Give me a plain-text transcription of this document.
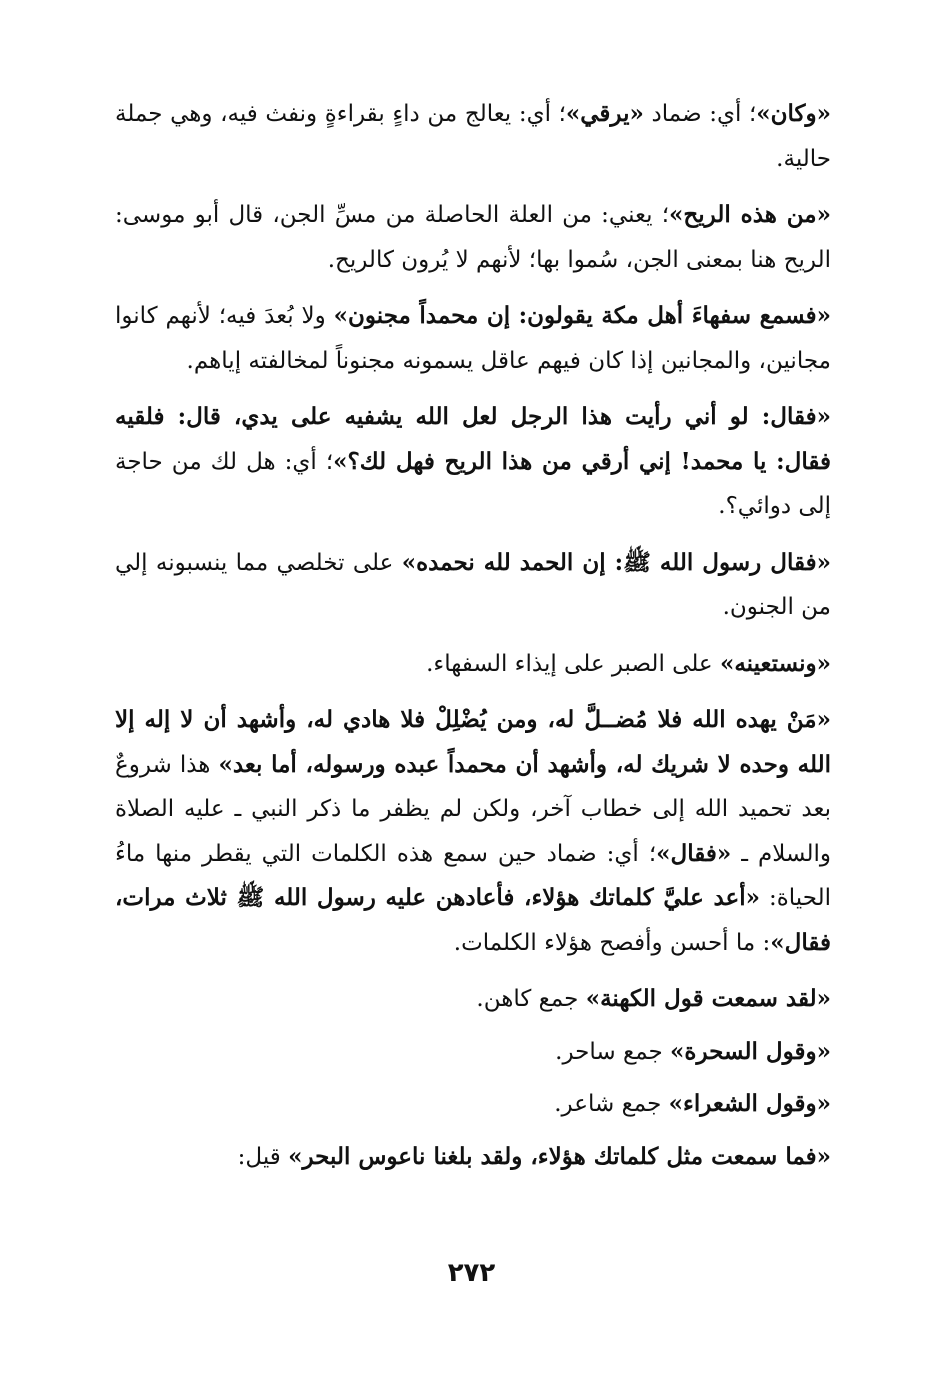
«وكان»؛ أي: ضماد «يرقي»؛ أي: يعالج من داءٍ بقراءةٍ ونفث فيه، وهي جملة حالية.

«من هذه الريح»؛ يعني: من العلة الحاصلة من مسِّ الجن، قال أبو موسى: الريح هنا بمعنى الجن، سُموا بها؛ لأنهم لا يُرون كالريح.

«فسمع سفهاءَ أهل مكة يقولون: إن محمداً مجنون» ولا بُعدَ فيه؛ لأنهم كانوا مجانين، والمجانين إذا كان فيهم عاقل يسمونه مجنوناً لمخالفته إياهم.

«فقال: لو أني رأيت هذا الرجل لعل الله يشفيه على يدي، قال: فلقيه فقال: يا محمد! إني أرقي من هذا الريح فهل لك؟»؛ أي: هل لك من حاجة إلى دوائي؟.

«فقال رسول الله ﷺ: إن الحمد لله نحمده» على تخلصي مما ينسبونه إلي من الجنون.

«ونستعينه» على الصبر على إيذاء السفهاء.

«مَنْ يهده الله فلا مُضــلَّ له، ومن يُضْلِلْ فلا هادي له، وأشهد أن لا إله إلا الله وحده لا شريك له، وأشهد أن محمداً عبده ورسوله، أما بعد» هذا شروعٌ بعد تحميد الله إلى خطاب آخر، ولكن لم يظفر ما ذكر النبي ـ عليه الصلاة والسلام ـ «فقال»؛ أي: ضماد حين سمع هذه الكلمات التي يقطر منها ماءُ الحياة: «أعد عليَّ كلماتك هؤلاء، فأعادهن عليه رسول الله ﷺ ثلاث مرات، فقال»: ما أحسن وأفصح هؤلاء الكلمات.

«لقد سمعت قول الكهنة» جمع كاهن.

«وقول السحرة» جمع ساحر.

«وقول الشعراء» جمع شاعر.

«فما سمعت مثل كلماتك هؤلاء، ولقد بلغنا ناعوس البحر» قيل:

٢٧٢
